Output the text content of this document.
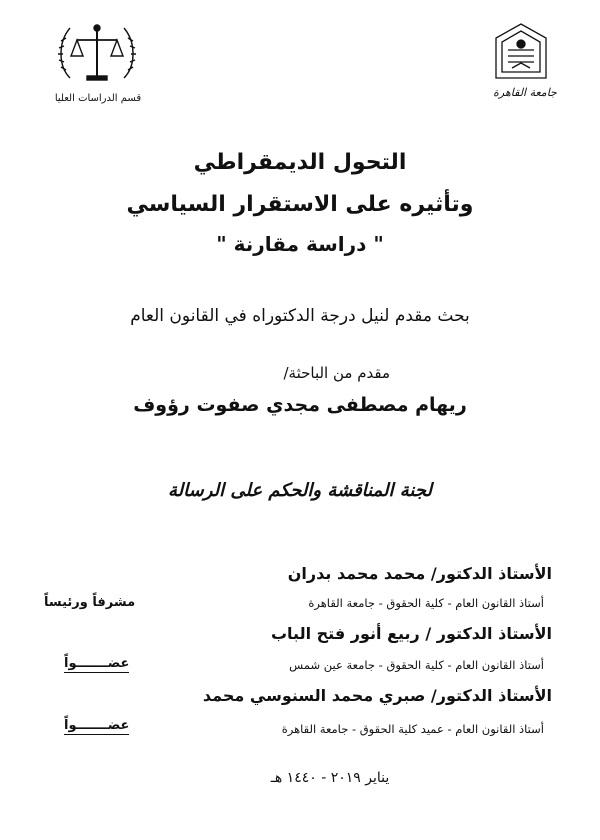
قسم الدراسات العليا	جامعة القاهرة
التحول الديمقراطي
وتأثيره على الاستقرار السياسي
" دراسة مقارنة "
بحث مقدم لنيل درجة الدكتوراه في القانون العام
مقدم من الباحثة/
ريهام مصطفى مجدي صفوت رؤوف
لجنة المناقشة والحكم على الرسالة
الأستاذ الدكتور/ محمد محمد بدران
أستاذ القانون العام - كلية الحقوق - جامعة القاهرة
مشرفاً ورئيساً
الأستاذ الدكتور / ربيع أنور فتح الباب
أستاذ القانون العام - كلية الحقوق - جامعة عين شمس
عضـــــــواً
الأستاذ الدكتور/ صبري محمد السنوسي محمد
أستاذ القانون العام - عميد كلية الحقوق - جامعة القاهرة
عضـــــــواً
يناير ٢٠١٩ - ١٤٤٠ هـ
